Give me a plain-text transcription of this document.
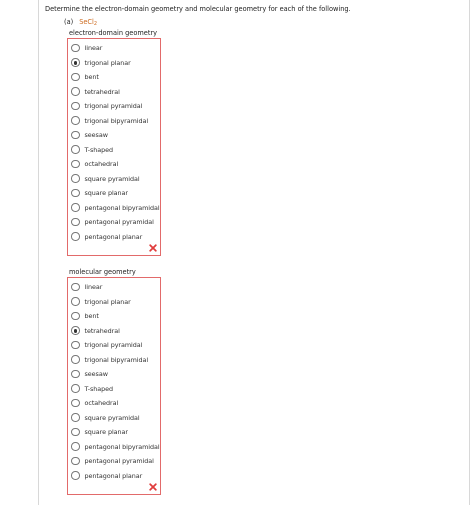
Determine the electron-domain geometry and molecular geometry for each of the following.
(a) SeCl$_2$
electron-domain geometry
linear
trigonal planar
bent
tetrahedral
trigonal pyramidal
trigonal bipyramidal
seesaw
T-shaped
octahedral
square pyramidal
square planar
pentagonal bipyramidal
pentagonal pyramidal
pentagonal planar
molecular geometry
linear
trigonal planar
bent
tetrahedral
trigonal pyramidal
trigonal bipyramidal
seesaw
T-shaped
octahedral
square pyramidal
square planar
pentagonal bipyramidal
pentagonal pyramidal
pentagonal planar
